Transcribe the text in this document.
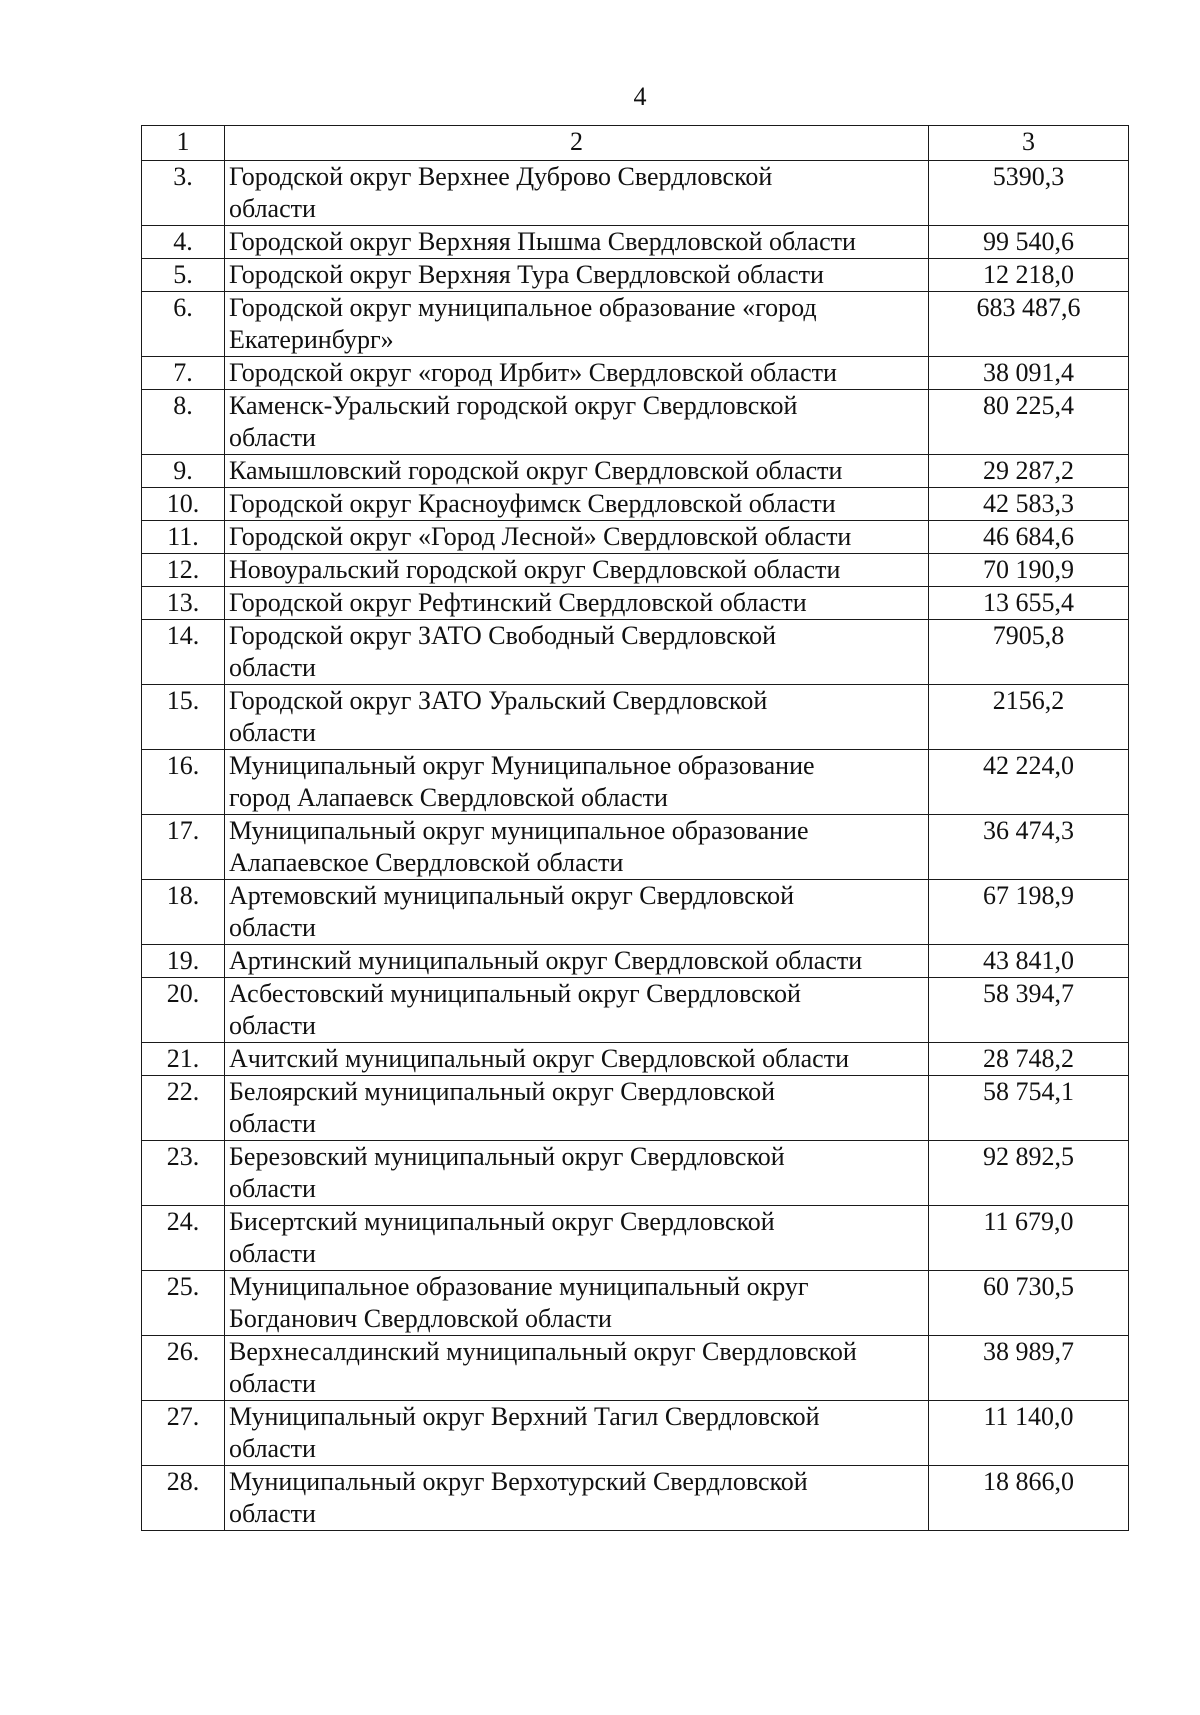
4
1	2	3
3.	Городской округ Верхнее Дуброво Свердловской
области	5390,3
4.	Городской округ Верхняя Пышма Свердловской области	99 540,6
5.	Городской округ Верхняя Тура Свердловской области	12 218,0
6.	Городской округ муниципальное образование «город
Екатеринбург»	683 487,6
7.	Городской округ «город Ирбит» Свердловской области	38 091,4
8.	Каменск-Уральский городской округ Свердловской
области	80 225,4
9.	Камышловский городской округ Свердловской области	29 287,2
10.	Городской округ Красноуфимск Свердловской области	42 583,3
11.	Городской округ «Город Лесной» Свердловской области	46 684,6
12.	Новоуральский городской округ Свердловской области	70 190,9
13.	Городской округ Рефтинский Свердловской области	13 655,4
14.	Городской округ ЗАТО Свободный Свердловской
области	7905,8
15.	Городской округ ЗАТО Уральский Свердловской
области	2156,2
16.	Муниципальный округ Муниципальное образование
город Алапаевск Свердловской области	42 224,0
17.	Муниципальный округ муниципальное образование
Алапаевское Свердловской области	36 474,3
18.	Артемовский муниципальный округ Свердловской
области	67 198,9
19.	Артинский муниципальный округ Свердловской области	43 841,0
20.	Асбестовский муниципальный округ Свердловской
области	58 394,7
21.	Ачитский муниципальный округ Свердловской области	28 748,2
22.	Белоярский муниципальный округ Свердловской
области	58 754,1
23.	Березовский муниципальный округ Свердловской
области	92 892,5
24.	Бисертский муниципальный округ Свердловской
области	11 679,0
25.	Муниципальное образование муниципальный округ
Богданович Свердловской области	60 730,5
26.	Верхнесалдинский муниципальный округ Свердловской
области	38 989,7
27.	Муниципальный округ Верхний Тагил Свердловской
области	11 140,0
28.	Муниципальный округ Верхотурский Свердловской
области	18 866,0
